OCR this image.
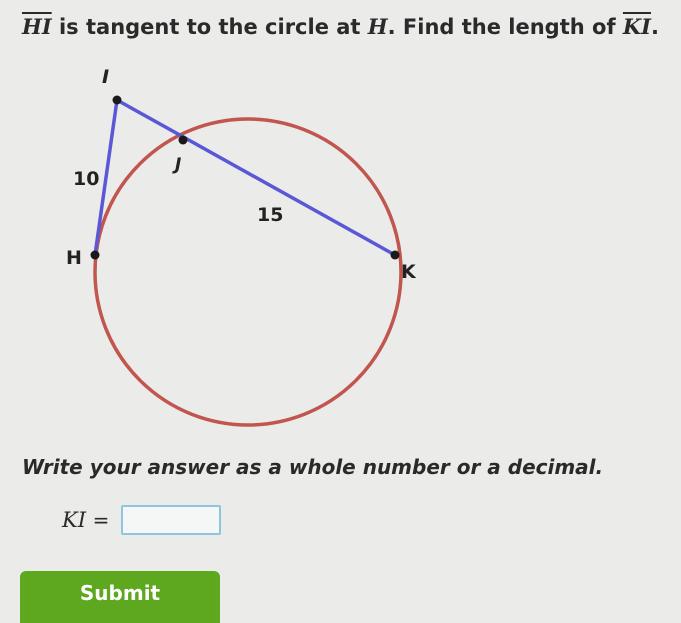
$\overline{HI}$ is tangent to the circle at H. Find the length of $\overline{KI}$.
I
J
H
K
10
15
Write your answer as a whole number or a decimal.
KI =
Submit
